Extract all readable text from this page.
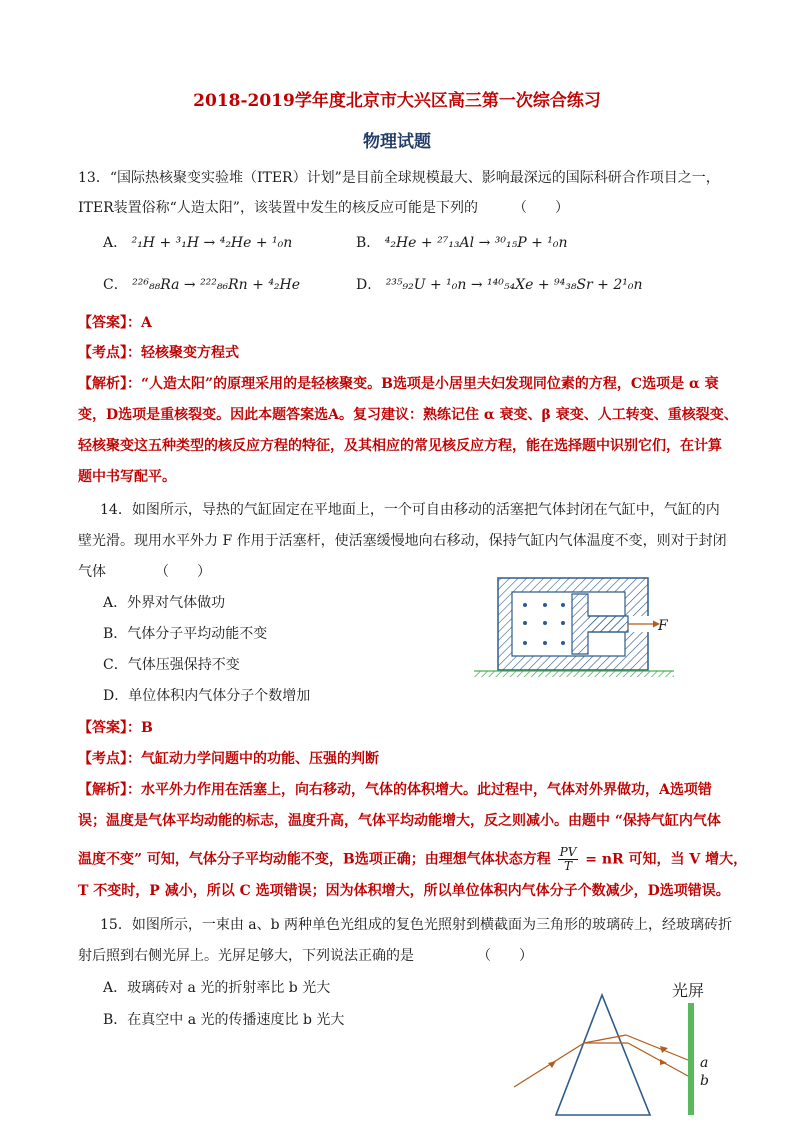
2018-2019学年度北京市大兴区高三第一次综合练习
物理试题
13．“国际热核聚变实验堆（ITER）计划”是目前全球规模最大、影响最深远的国际科研合作项目之一，
ITER装置俗称“人造太阳”，该装置中发生的核反应可能是下列的　　　（　　）
A． ²₁H + ³₁H → ⁴₂He + ¹₀n	B． ⁴₂He + ²⁷₁₃Al → ³⁰₁₅P + ¹₀n
C． ²²⁶₈₈Ra → ²²²₈₆Rn + ⁴₂He	D． ²³⁵₉₂U + ¹₀n → ¹⁴⁰₅₄Xe + ⁹⁴₃₈Sr + 2¹₀n
【答案】：A
【考点】：轻核聚变方程式
【解析】：“人造太阳”的原理采用的是轻核聚变。B选项是小居里夫妇发现同位素的方程，C选项是 α 衰
变，D选项是重核裂变。因此本题答案选A。复习建议：熟练记住 α 衰变、β 衰变、人工转变、重核裂变、
轻核聚变这五种类型的核反应方程的特征，及其相应的常见核反应方程，能在选择题中识别它们，在计算
题中书写配平。
14．如图所示，导热的气缸固定在平地面上，一个可自由移动的活塞把气体封闭在气缸中，气缸的内
壁光滑。现用水平外力 F 作用于活塞杆，使活塞缓慢地向右移动，保持气缸内气体温度不变，则对于封闭
气体　　　　（　　）
A．外界对气体做功
B．气体分子平均动能不变
C．气体压强保持不变
D．单位体积内气体分子个数增加
F
【答案】：B
【考点】：气缸动力学问题中的功能、压强的判断
【解析】：水平外力作用在活塞上，向右移动，气体的体积增大。此过程中，气体对外界做功，A选项错
误；温度是气体平均动能的标志，温度升高，气体平均动能增大，反之则减小。由题中 “保持气缸内气体
温度不变” 可知，气体分子平均动能不变，B选项正确；由理想气体状态方程 $\frac{PV}{T}$ = nR 可知，当 V 增大，
T 不变时，P 减小，所以 C 选项错误；因为体积增大，所以单位体积内气体分子个数减少，D选项错误。
15．如图所示，一束由 a、b 两种单色光组成的复色光照射到横截面为三角形的玻璃砖上，经玻璃砖折
射后照到右侧光屏上。光屏足够大，下列说法正确的是　　　　　（　　）
A．玻璃砖对 a 光的折射率比 b 光大
B．在真空中 a 光的传播速度比 b 光大
光屏
a
b
